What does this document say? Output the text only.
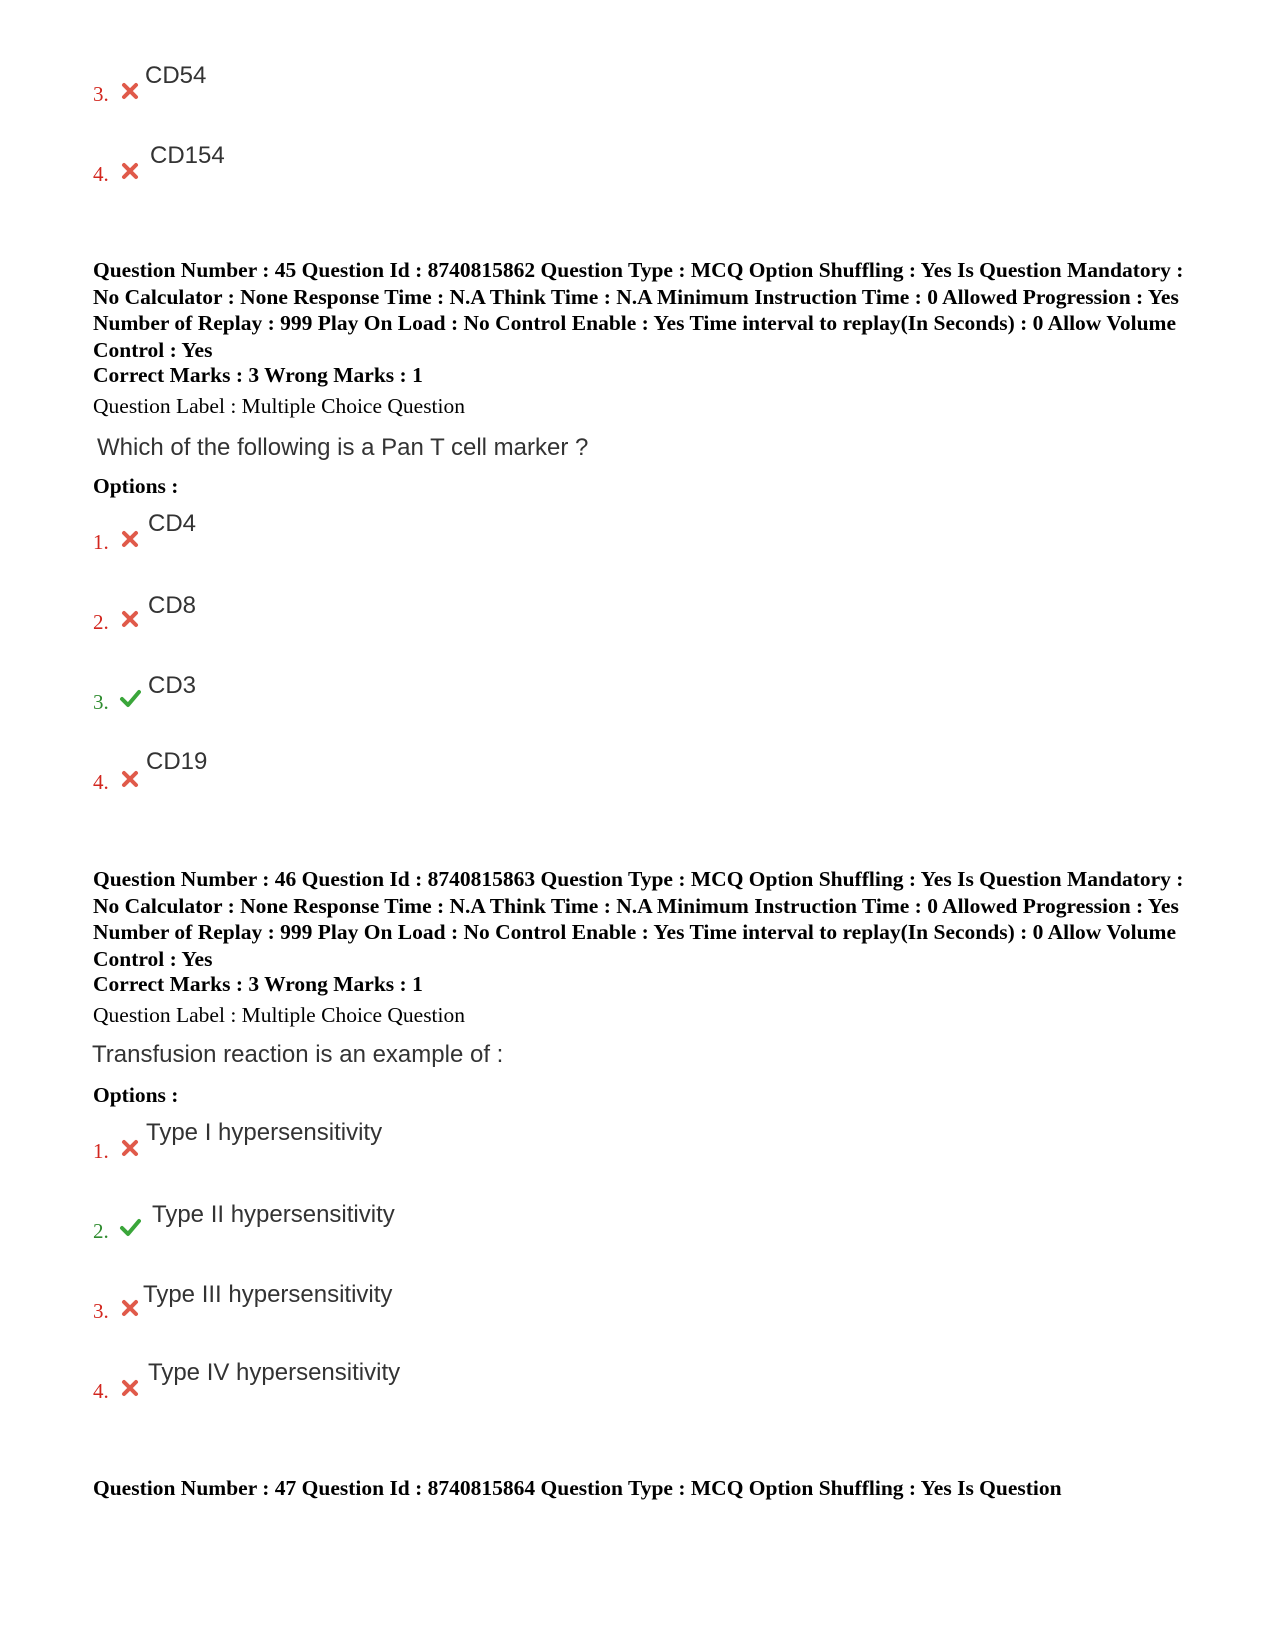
3.
CD54
4.
CD154
Question Number : 45 Question Id : 8740815862 Question Type : MCQ Option Shuffling : Yes Is Question Mandatory : No Calculator : None Response Time : N.A Think Time : N.A Minimum Instruction Time : 0 Allowed Progression : Yes Number of Replay : 999 Play On Load : No Control Enable : Yes Time interval to replay(In Seconds) : 0 Allow Volume Control : Yes
Correct Marks : 3 Wrong Marks : 1
Question Label : Multiple Choice Question
Which of the following is a Pan T cell marker ?
Options :
1.
CD4
2.
CD8
3.
CD3
4.
CD19
Question Number : 46 Question Id : 8740815863 Question Type : MCQ Option Shuffling : Yes Is Question Mandatory : No Calculator : None Response Time : N.A Think Time : N.A Minimum Instruction Time : 0 Allowed Progression : Yes Number of Replay : 999 Play On Load : No Control Enable : Yes Time interval to replay(In Seconds) : 0 Allow Volume Control : Yes
Correct Marks : 3 Wrong Marks : 1
Question Label : Multiple Choice Question
Transfusion reaction is an example of :
Options :
1.
Type I hypersensitivity
2.
Type II hypersensitivity
3.
Type III hypersensitivity
4.
Type IV hypersensitivity
Question Number : 47 Question Id : 8740815864 Question Type : MCQ Option Shuffling : Yes Is Question
